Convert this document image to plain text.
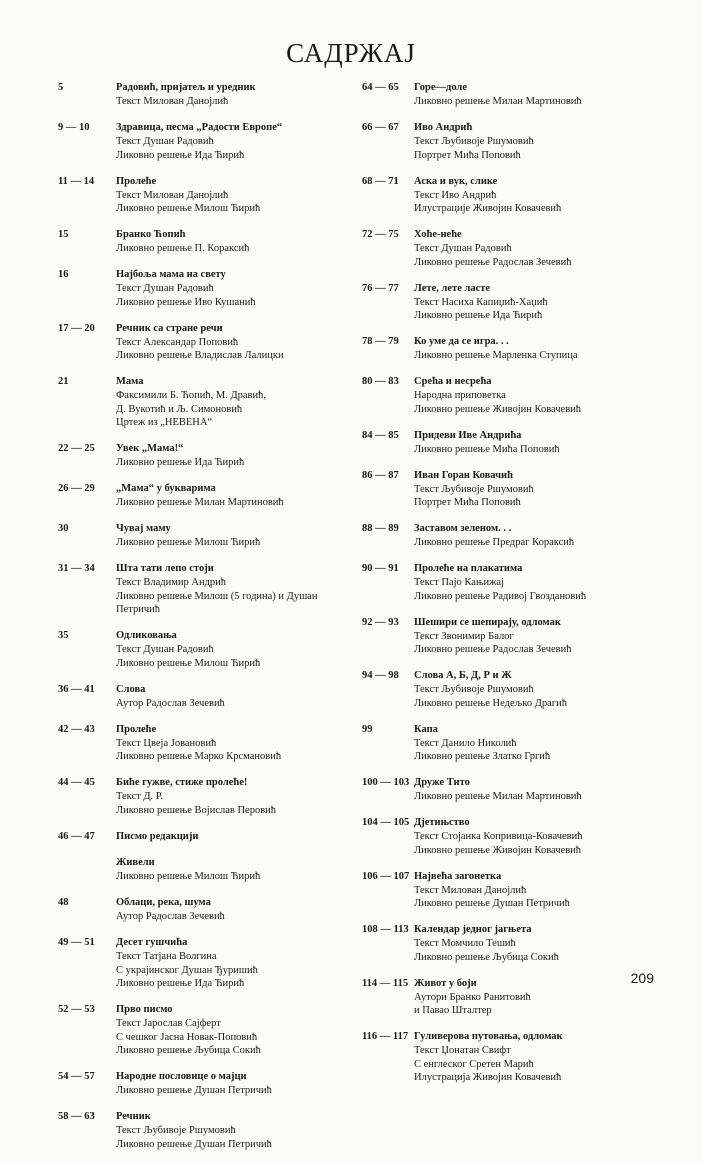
САДРЖАЈ
5	Радовић, пријатељ и уредник
Текст Милован Данојлић
9 — 10	Здравица, песма „Радости Европе“
Текст Душан Радовић
Ликовно решење Ида Ћирић
11 — 14	Пролеће
Текст Милован Данојлић
Ликовно решење Милош Ћирић
15	Бранко Ћопић
Ликовно решење П. Кораксић
16	Најбоља мама на свету
Текст Душан Радовић
Ликовно решење Иво Кушанић
17 — 20	Речник са стране речи
Текст Александар Поповић
Ликовно решење Владислав Лалицки
21	Мама
Факсимили Б. Ћопић, М. Дравић,
Д. Вукотић и Љ. Симоновић
Цртеж из „НЕВЕНА“
22 — 25	Увек „Мама!“
Ликовно решење Ида Ћирић
26 — 29	„Мама“ у букварима
Ликовно решење Милан Мартиновић
30	Чувај маму
Ликовно решење Милош Ћирић
31 — 34	Шта тати лепо стоји
Текст Владимир Андрић
Ликовно решење Милош (5 година) и Душан
Петричић
35	Одликовања
Текст Душан Радовић
Ликовно решење Милош Ћирић
36 — 41	Слова
Аутор Радослав Зечевић
42 — 43	Пролеће
Текст Цвеја Јовановић
Ликовно решење Марко Крсмановић
44 — 45	Биће гужве, стиже пролеће!
Текст Д. Р.
Ликовно решење Војислав Перовић
46 — 47	Писмо редакцији
Живели
Ликовно решење Милош Ћирић
48	Облаци, река, шума
Аутор Радослав Зечевић
49 — 51	Десет гушчића
Текст Татјана Волгина
С украјинског Душан Ђуришић
Ликовно решење Ида Ћирић
52 — 53	Прво писмо
Текст Јарослав Сајферт
С чешког Јасна Новак-Поповић
Ликовно решење Љубица Сокић
54 — 57	Народне пословице о мајци
Ликовно решење Душан Петричић
58 — 63	Речник
Текст Љубивоје Ршумовић
Ликовно решење Душан Петричић
64 — 65	Горе—доле
Ликовно решење Милан Мартиновић
66 — 67	Иво Андрић
Текст Љубивоје Ршумовић
Портрет Мића Поповић
68 — 71	Аска и вук, слике
Текст Иво Андрић
Илустрације Живојин Ковачевић
72 — 75	Хоће-неће
Текст Душан Радовић
Ликовно решење Радослав Зечевић
76 — 77	Лете, лете ласте
Текст Насиха Капиџић-Хаџић
Ликовно решење Ида Ћирић
78 — 79	Ко уме да се игра. . .
Ликовно решење Марленка Ступица
80 — 83	Срећа и несрећа
Народна приповетка
Ликовно решење Живојин Ковачевић
84 — 85	Придеви Иве Андрића
Ликовно решење Мића Поповић
86 — 87	Иван Горан Ковачић
Текст Љубивоје Ршумовић
Портрет Мића Поповић
88 — 89	Заставом зеленом. . .
Ликовно решење Предраг Кораксић
90 — 91	Пролеће на плакатима
Текст Пајо Кањижај
Ликовно решење Радивој Гвоздановић
92 — 93	Шешири се шепирају, одломак
Текст Звонимир Балог
Ликовно решење Радослав Зечевић
94 — 98	Слова А, Б, Д, Р и Ж
Текст Љубивоје Ршумовић
Ликовно решење Недељко Драгић
99	Капа
Текст Данило Николић
Ликовно решење Златко Гргић
100 — 103 Друже Тито
Ликовно решење Милан Мартиновић
104 — 105 Дјетињство
Текст Стојанка Копривица-Ковачевић
Ликовно решење Живојин Ковачевић
106 — 107 Највећа загонетка
Текст Милован Данојлић
Ликовно решење Душан Петричић
108 — 113 Календар једног јагњета
Текст Момчило Тешић
Ликовно решење Љубица Сокић
114 — 115 Живот у боји
Аутори Бранко Ранитовић
и Павао Шталтер
116 — 117 Гуливерова путовања, одломак
Текст Џонатан Свифт
С енглеског Сретен Марић
Илустрација Живојин Ковачевић
209
